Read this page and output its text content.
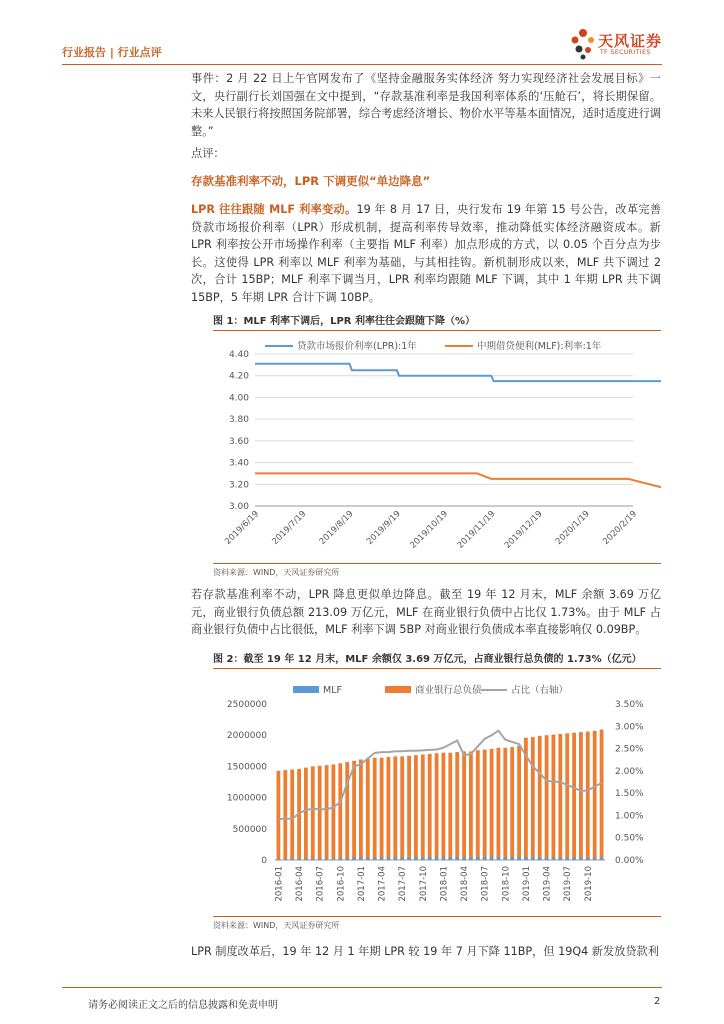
行业报告 | 行业点评
天风证券
TF SECURITIES
事件：2 月 22 日上午官网发布了《坚持金融服务实体经济 努力实现经济社会发展目标》一文，央行副行长刘国强在文中提到，“存款基准利率是我国利率体系的‘压舱石’，将长期保留。未来人民银行将按照国务院部署，综合考虑经济增长、物价水平等基本面情况，适时适度进行调整。”
点评：
存款基准利率不动，LPR 下调更似“单边降息”
LPR 往往跟随 MLF 利率变动。19 年 8 月 17 日，央行发布 19 年第 15 号公告，改革完善贷款市场报价利率（LPR）形成机制，提高利率传导效率，推动降低实体经济融资成本。新 LPR 利率按公开市场操作利率（主要指 MLF 利率）加点形成的方式，以 0.05 个百分点为步长。这使得 LPR 利率以 MLF 利率为基础，与其相挂钩。新机制形成以来，MLF 共下调过 2 次，合计 15BP；MLF 利率下调当月，LPR 利率均跟随 MLF 下调，其中 1 年期 LPR 共下调 15BP，5 年期 LPR 合计下调 10BP。
图 1：MLF 利率下调后，LPR 利率往往会跟随下降（%）
4.40
4.20
4.00
3.80
3.60
3.40
3.20
3.00
2019/6/19 2019/7/19 2019/8/19 2019/9/19 2019/10/19 2019/11/19 2019/12/19 2020/1/19 2020/2/19
贷款市场报价利率(LPR):1年	中期借贷便利(MLF):利率:1年
资料来源：WIND，天风证券研究所
若存款基准利率不动，LPR 降息更似单边降息。截至 19 年 12 月末，MLF 余额 3.69 万亿元，商业银行负债总额 213.09 万亿元，MLF 在商业银行负债中占比仅 1.73%。由于 MLF 占商业银行负债中占比很低，MLF 利率下调 5BP 对商业银行负债成本率直接影响仅 0.09BP。
图 2：截至 19 年 12 月末，MLF 余额仅 3.69 万亿元，占商业银行总负债的 1.73%（亿元）
2500000
2000000
1500000
1000000
500000
0
3.50%
3.00%
2.50%
2.00%
1.50%
1.00%
0.50%
0.00%
2016-01 2016-04 2016-07 2016-10 2017-01 2017-04 2017-07 2017-10 2018-01 2018-04 2018-07 2018-10 2019-01 2019-04 2019-07 2019-10
MLF	商业银行总负债	占比（右轴）
资料来源：WIND，天风证券研究所
LPR 制度改革后，19 年 12 月 1 年期 LPR 较 19 年 7 月下降 11BP，但 19Q4 新发放贷款利
请务必阅读正文之后的信息披露和免责申明	2
